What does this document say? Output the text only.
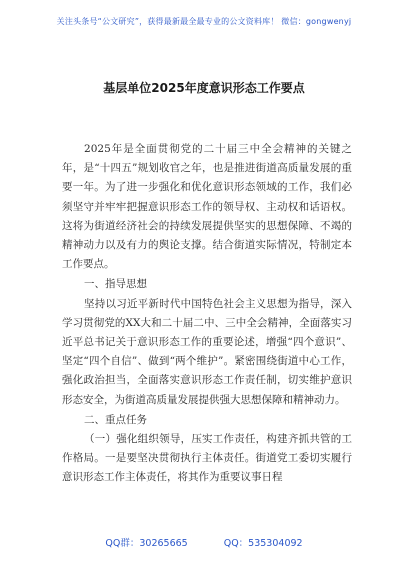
关注头条号“公文研究”，获得最新最全最专业的公文资料库！ 微信：gongwenyj
基层单位2025年度意识形态工作要点

2025年是全面贯彻党的二十届三中全会精神的关键之年，是“十四五”规划收官之年，也是推进街道高质量发展的重要一年。为了进一步强化和优化意识形态领域的工作，我们必须坚守并牢牢把握意识形态工作的领导权、主动权和话语权。这将为街道经济社会的持续发展提供坚实的思想保障、不竭的精神动力以及有力的舆论支撑。结合街道实际情况，特制定本工作要点。

一、指导思想

坚持以习近平新时代中国特色社会主义思想为指导，深入学习贯彻党的XX大和二十届二中、三中全会精神，全面落实习近平总书记关于意识形态工作的重要论述，增强“四个意识”、坚定“四个自信”、做到“两个维护”。紧密围绕街道中心工作，强化政治担当，全面落实意识形态工作责任制，切实维护意识形态安全，为街道高质量发展提供强大思想保障和精神动力。

二、重点任务

（一）强化组织领导，压实工作责任，构建齐抓共管的工作格局。一是要坚决贯彻执行主体责任。街道党工委切实履行意识形态工作主体责任，将其作为重要议事日程

QQ群：30265665	QQ：535304092
